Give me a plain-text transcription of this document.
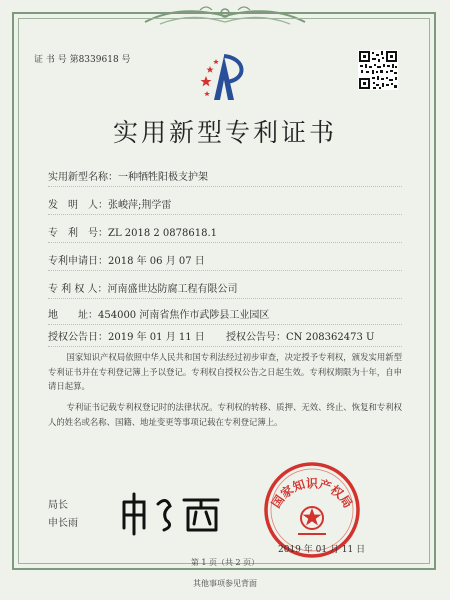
证 书 号 第8339618 号
实用新型专利证书
实用新型名称：一种牺牲阳极支护架
发　明　人：张峻萍;荆学雷
专　利　号：ZL 2018 2 0878618.1
专利申请日：2018 年 06 月 07 日
专 利 权 人：河南盛世达防腐工程有限公司
地　　址：454000 河南省焦作市武陟县工业园区
授权公告日：2019 年 01 月 11 日 授权公告号：CN 208362473 U
国家知识产权局依照中华人民共和国专利法经过初步审查，决定授予专利权，颁发实用新型专利证书并在专利登记簿上予以登记。专利权自授权公告之日起生效。专利权期限为十年，自申请日起算。
专利证书记载专利权登记时的法律状况。专利权的转移、质押、无效、终止、恢复和专利权人的姓名或名称、国籍、地址变更等事项记载在专利登记簿上。
局长
申长雨
国家知识产权局
2019 年 01 月 11 日
第 1 页（共 2 页）
其他事项参见背面
